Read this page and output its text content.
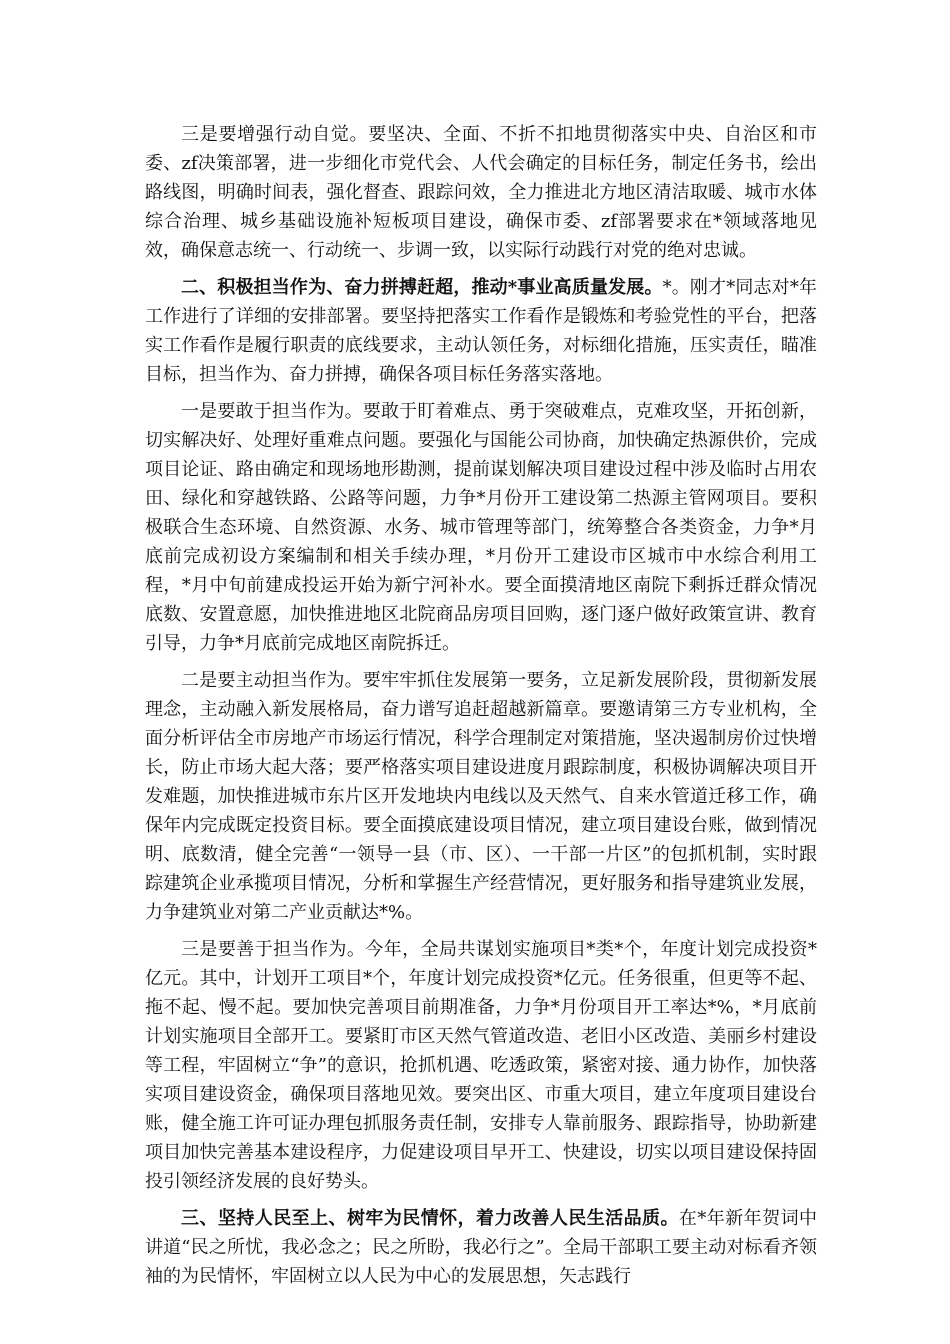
三是要增强行动自觉。要坚决、全面、不折不扣地贯彻落实中央、自治区和市委、zf决策部署，进一步细化市党代会、人代会确定的目标任务，制定任务书，绘出路线图，明确时间表，强化督查、跟踪问效，全力推进北方地区清洁取暖、城市水体综合治理、城乡基础设施补短板项目建设，确保市委、zf部署要求在*领域落地见效，确保意志统一、行动统一、步调一致，以实际行动践行对党的绝对忠诚。

二、积极担当作为、奋力拼搏赶超，推动*事业高质量发展。*。刚才*同志对*年工作进行了详细的安排部署。要坚持把落实工作看作是锻炼和考验党性的平台，把落实工作看作是履行职责的底线要求，主动认领任务，对标细化措施，压实责任，瞄准目标，担当作为、奋力拼搏，确保各项目标任务落实落地。

一是要敢于担当作为。要敢于盯着难点、勇于突破难点，克难攻坚，开拓创新，切实解决好、处理好重难点问题。要强化与国能公司协商，加快确定热源供价，完成项目论证、路由确定和现场地形勘测，提前谋划解决项目建设过程中涉及临时占用农田、绿化和穿越铁路、公路等问题，力争*月份开工建设第二热源主管网项目。要积极联合生态环境、自然资源、水务、城市管理等部门，统筹整合各类资金，力争*月底前完成初设方案编制和相关手续办理，*月份开工建设市区城市中水综合利用工程，*月中旬前建成投运开始为新宁河补水。要全面摸清地区南院下剩拆迁群众情况底数、安置意愿，加快推进地区北院商品房项目回购，逐门逐户做好政策宣讲、教育引导，力争*月底前完成地区南院拆迁。

二是要主动担当作为。要牢牢抓住发展第一要务，立足新发展阶段，贯彻新发展理念，主动融入新发展格局，奋力谱写追赶超越新篇章。要邀请第三方专业机构，全面分析评估全市房地产市场运行情况，科学合理制定对策措施，坚决遏制房价过快增长，防止市场大起大落；要严格落实项目建设进度月跟踪制度，积极协调解决项目开发难题，加快推进城市东片区开发地块内电线以及天然气、自来水管道迁移工作，确保年内完成既定投资目标。要全面摸底建设项目情况，建立项目建设台账，做到情况明、底数清，健全完善“一领导一县（市、区）、一干部一片区”的包抓机制，实时跟踪建筑企业承揽项目情况，分析和掌握生产经营情况，更好服务和指导建筑业发展，力争建筑业对第二产业贡献达*%。

三是要善于担当作为。今年，全局共谋划实施项目*类*个，年度计划完成投资*亿元。其中，计划开工项目*个，年度计划完成投资*亿元。任务很重，但更等不起、拖不起、慢不起。要加快完善项目前期准备，力争*月份项目开工率达*%，*月底前计划实施项目全部开工。要紧盯市区天然气管道改造、老旧小区改造、美丽乡村建设等工程，牢固树立“争”的意识，抢抓机遇、吃透政策，紧密对接、通力协作，加快落实项目建设资金，确保项目落地见效。要突出区、市重大项目，建立年度项目建设台账，健全施工许可证办理包抓服务责任制，安排专人靠前服务、跟踪指导，协助新建项目加快完善基本建设程序，力促建设项目早开工、快建设，切实以项目建设保持固投引领经济发展的良好势头。

三、坚持人民至上、树牢为民情怀，着力改善人民生活品质。在*年新年贺词中讲道“民之所忧，我必念之；民之所盼，我必行之”。全局干部职工要主动对标看齐领袖的为民情怀，牢固树立以人民为中心的发展思想，矢志践行
